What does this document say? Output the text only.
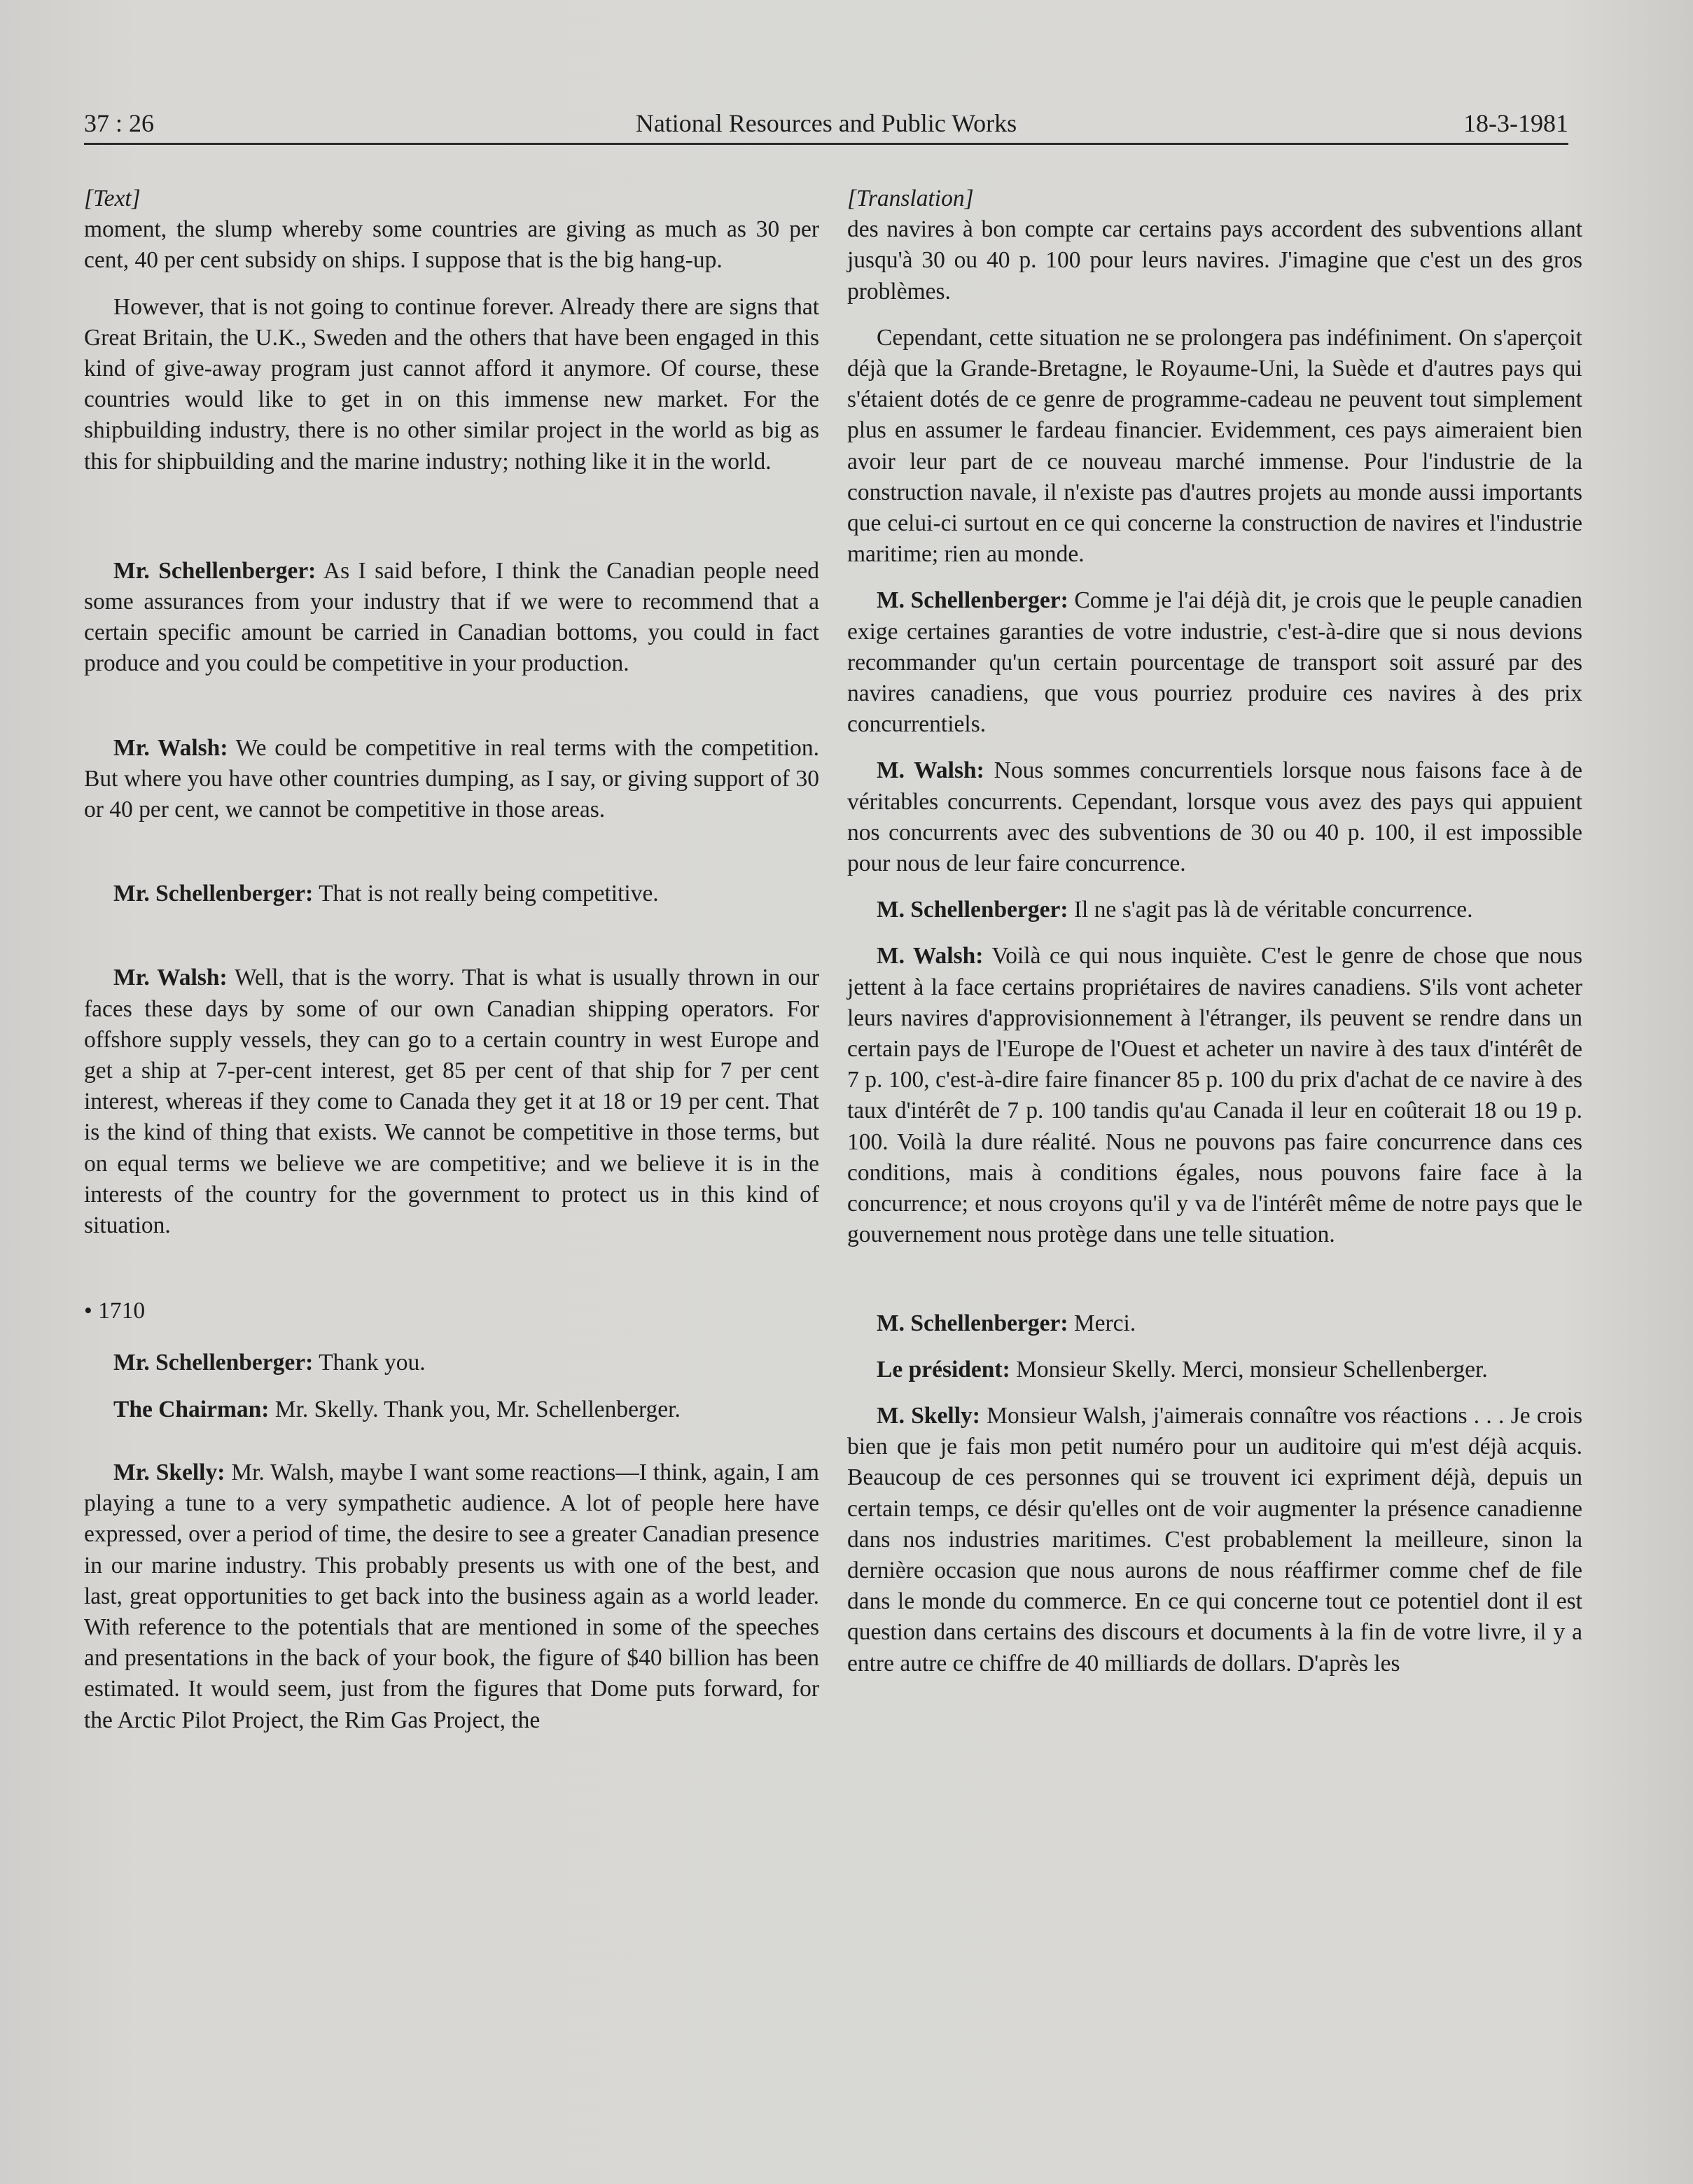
37 : 26	National Resources and Public Works	18-3-1981

[Text]

moment, the slump whereby some countries are giving as much as 30 per cent, 40 per cent subsidy on ships. I suppose that is the big hang-up.

However, that is not going to continue forever. Already there are signs that Great Britain, the U.K., Sweden and the others that have been engaged in this kind of give-away program just cannot afford it anymore. Of course, these countries would like to get in on this immense new market. For the shipbuilding industry, there is no other similar project in the world as big as this for shipbuilding and the marine industry; nothing like it in the world.

Mr. Schellenberger: As I said before, I think the Canadian people need some assurances from your industry that if we were to recommend that a certain specific amount be carried in Canadian bottoms, you could in fact produce and you could be competitive in your production.

Mr. Walsh: We could be competitive in real terms with the competition. But where you have other countries dumping, as I say, or giving support of 30 or 40 per cent, we cannot be competitive in those areas.

Mr. Schellenberger: That is not really being competitive.

Mr. Walsh: Well, that is the worry. That is what is usually thrown in our faces these days by some of our own Canadian shipping operators. For offshore supply vessels, they can go to a certain country in west Europe and get a ship at 7-per-cent interest, get 85 per cent of that ship for 7 per cent interest, whereas if they come to Canada they get it at 18 or 19 per cent. That is the kind of thing that exists. We cannot be competitive in those terms, but on equal terms we believe we are competitive; and we believe it is in the interests of the country for the government to protect us in this kind of situation.

• 1710

Mr. Schellenberger: Thank you.

The Chairman: Mr. Skelly. Thank you, Mr. Schellenberger.

Mr. Skelly: Mr. Walsh, maybe I want some reactions—I think, again, I am playing a tune to a very sympathetic audience. A lot of people here have expressed, over a period of time, the desire to see a greater Canadian presence in our marine industry. This probably presents us with one of the best, and last, great opportunities to get back into the business again as a world leader. With reference to the potentials that are mentioned in some of the speeches and presentations in the back of your book, the figure of $40 billion has been estimated. It would seem, just from the figures that Dome puts forward, for the Arctic Pilot Project, the Rim Gas Project, the

[Translation]

des navires à bon compte car certains pays accordent des subventions allant jusqu'à 30 ou 40 p. 100 pour leurs navires. J'imagine que c'est un des gros problèmes.

Cependant, cette situation ne se prolongera pas indéfiniment. On s'aperçoit déjà que la Grande-Bretagne, le Royaume-Uni, la Suède et d'autres pays qui s'étaient dotés de ce genre de programme-cadeau ne peuvent tout simplement plus en assumer le fardeau financier. Evidemment, ces pays aimeraient bien avoir leur part de ce nouveau marché immense. Pour l'industrie de la construction navale, il n'existe pas d'autres projets au monde aussi importants que celui-ci surtout en ce qui concerne la construction de navires et l'industrie maritime; rien au monde.

M. Schellenberger: Comme je l'ai déjà dit, je crois que le peuple canadien exige certaines garanties de votre industrie, c'est-à-dire que si nous devions recommander qu'un certain pourcentage de transport soit assuré par des navires canadiens, que vous pourriez produire ces navires à des prix concurrentiels.

M. Walsh: Nous sommes concurrentiels lorsque nous faisons face à de véritables concurrents. Cependant, lorsque vous avez des pays qui appuient nos concurrents avec des subventions de 30 ou 40 p. 100, il est impossible pour nous de leur faire concurrence.

M. Schellenberger: Il ne s'agit pas là de véritable concurrence.

M. Walsh: Voilà ce qui nous inquiète. C'est le genre de chose que nous jettent à la face certains propriétaires de navires canadiens. S'ils vont acheter leurs navires d'approvisionnement à l'étranger, ils peuvent se rendre dans un certain pays de l'Europe de l'Ouest et acheter un navire à des taux d'intérêt de 7 p. 100, c'est-à-dire faire financer 85 p. 100 du prix d'achat de ce navire à des taux d'intérêt de 7 p. 100 tandis qu'au Canada il leur en coûterait 18 ou 19 p. 100. Voilà la dure réalité. Nous ne pouvons pas faire concurrence dans ces conditions, mais à conditions égales, nous pouvons faire face à la concurrence; et nous croyons qu'il y va de l'intérêt même de notre pays que le gouvernement nous protège dans une telle situation.

M. Schellenberger: Merci.

Le président: Monsieur Skelly. Merci, monsieur Schellenberger.

M. Skelly: Monsieur Walsh, j'aimerais connaître vos réactions . . . Je crois bien que je fais mon petit numéro pour un auditoire qui m'est déjà acquis. Beaucoup de ces personnes qui se trouvent ici expriment déjà, depuis un certain temps, ce désir qu'elles ont de voir augmenter la présence canadienne dans nos industries maritimes. C'est probablement la meilleure, sinon la dernière occasion que nous aurons de nous réaffirmer comme chef de file dans le monde du commerce. En ce qui concerne tout ce potentiel dont il est question dans certains des discours et documents à la fin de votre livre, il y a entre autre ce chiffre de 40 milliards de dollars. D'après les
